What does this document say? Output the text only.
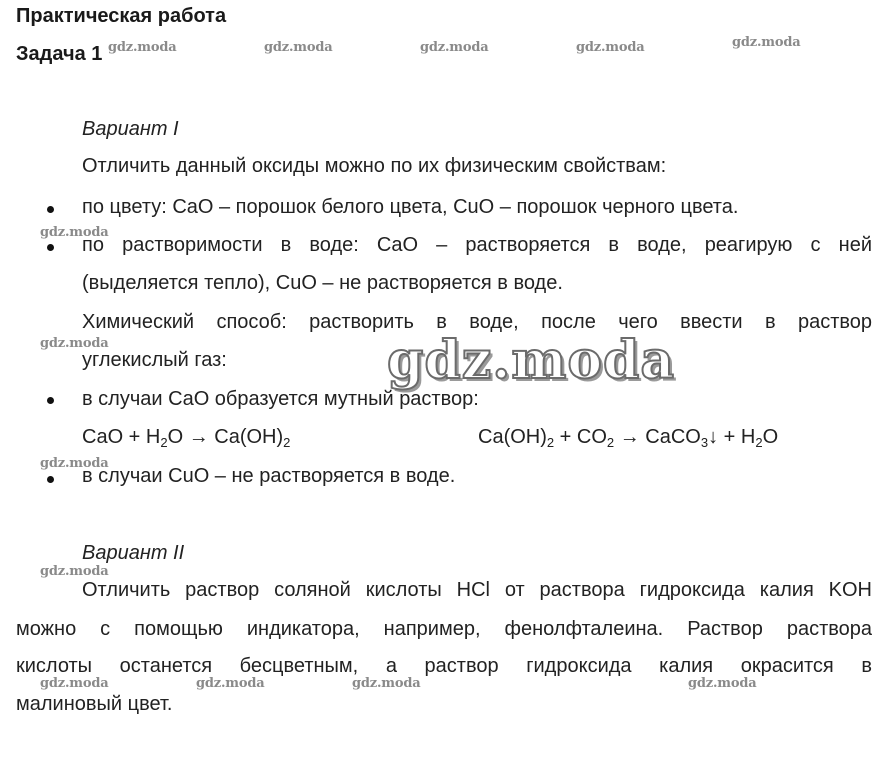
Практическая работа
Задача 1 gdz.moda	gdz.moda	gdz.moda	gdz.moda	gdz.moda
gdz.moda
gdz.moda
gdz.moda
gdz.moda
gdz.moda	gdz.moda	gdz.moda	gdz.moda
gdz.moda
Вариант I
Отличить данный оксиды можно по их физическим свойствам:
по цвету: CaO – порошок белого цвета, CuO – порошок черного цвета.
по растворимости в воде: CaO – растворяется в воде, реагирую с ней
(выделяется тепло), CuO – не растворяется в воде.
Химический способ: растворить в воде, после чего ввести в раствор
углекислый газ:
в случаи CaO образуется мутный раствор:
CaO + $H_2O \to Ca(OH)_2$	$Ca(OH)_2 + CO_2$ → CaCO$_3$↓ + $H_2O$
в случаи CuO – не растворяется в воде.
Вариант II
Отличить раствор соляной кислоты HCl от раствора гидроксида калия KOH
можно с помощью индикатора, например, фенолфталеина. Раствор раствора
кислоты останется бесцветным, а раствор гидроксида калия окрасится в
малиновый цвет.
